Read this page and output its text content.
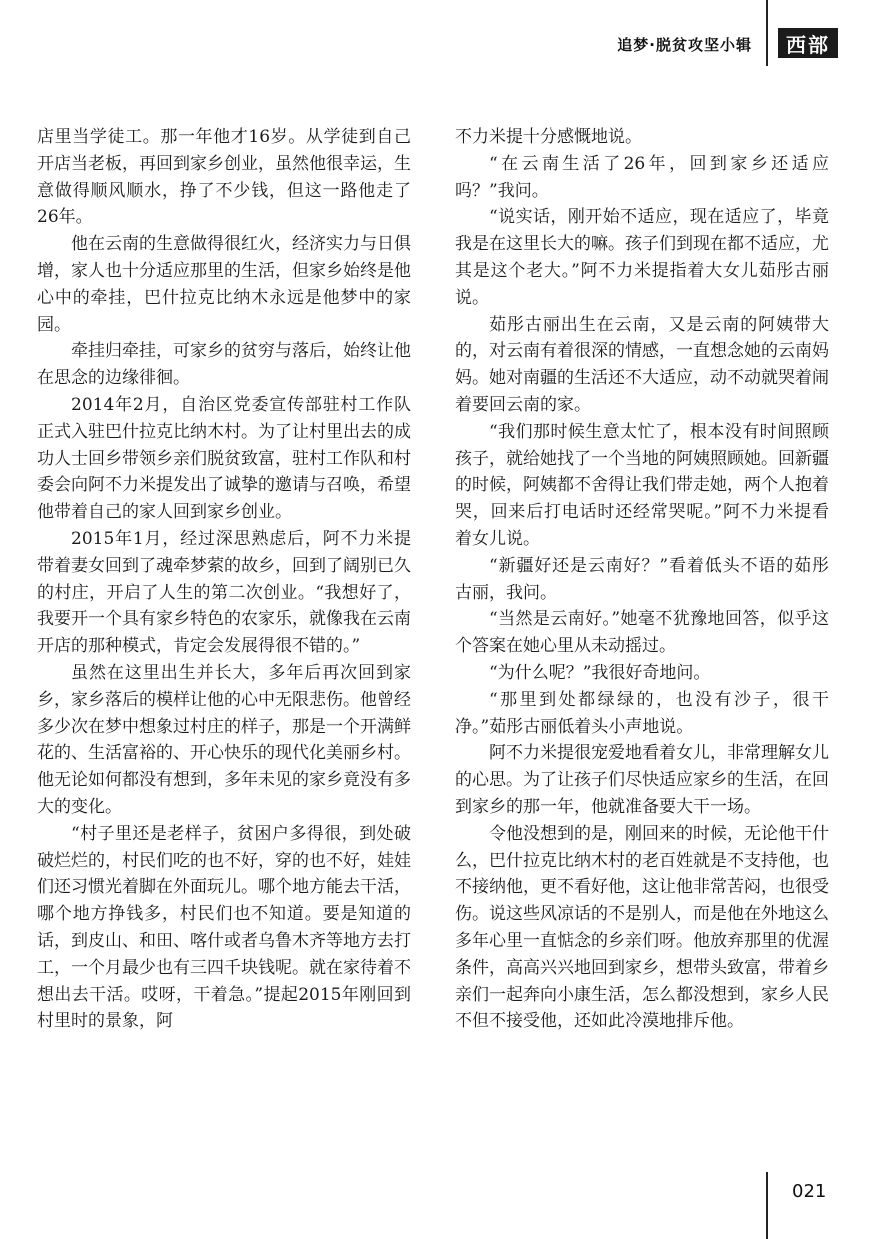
追梦·脱贫攻坚小辑	西部

店里当学徒工。那一年他才16岁。从学徒到自己开店当老板，再回到家乡创业，虽然他很幸运，生意做得顺风顺水，挣了不少钱，但这一路他走了26年。

他在云南的生意做得很红火，经济实力与日俱增，家人也十分适应那里的生活，但家乡始终是他心中的牵挂，巴什拉克比纳木永远是他梦中的家园。

牵挂归牵挂，可家乡的贫穷与落后，始终让他在思念的边缘徘徊。

2014年2月，自治区党委宣传部驻村工作队正式入驻巴什拉克比纳木村。为了让村里出去的成功人士回乡带领乡亲们脱贫致富，驻村工作队和村委会向阿不力米提发出了诚挚的邀请与召唤，希望他带着自己的家人回到家乡创业。

2015年1月，经过深思熟虑后，阿不力米提带着妻女回到了魂牵梦萦的故乡，回到了阔别已久的村庄，开启了人生的第二次创业。“我想好了，我要开一个具有家乡特色的农家乐，就像我在云南开店的那种模式，肯定会发展得很不错的。”

虽然在这里出生并长大，多年后再次回到家乡，家乡落后的模样让他的心中无限悲伤。他曾经多少次在梦中想象过村庄的样子，那是一个开满鲜花的、生活富裕的、开心快乐的现代化美丽乡村。他无论如何都没有想到，多年未见的家乡竟没有多大的变化。

“村子里还是老样子，贫困户多得很，到处破破烂烂的，村民们吃的也不好，穿的也不好，娃娃们还习惯光着脚在外面玩儿。哪个地方能去干活，哪个地方挣钱多，村民们也不知道。要是知道的话，到皮山、和田、喀什或者乌鲁木齐等地方去打工，一个月最少也有三四千块钱呢。就在家待着不想出去干活。哎呀，干着急。”提起2015年刚回到村里时的景象，阿

不力米提十分感慨地说。

“在云南生活了26年，回到家乡还适应吗？”我问。

“说实话，刚开始不适应，现在适应了，毕竟我是在这里长大的嘛。孩子们到现在都不适应，尤其是这个老大。”阿不力米提指着大女儿茹彤古丽说。

茹彤古丽出生在云南，又是云南的阿姨带大的，对云南有着很深的情感，一直想念她的云南妈妈。她对南疆的生活还不大适应，动不动就哭着闹着要回云南的家。

“我们那时候生意太忙了，根本没有时间照顾孩子，就给她找了一个当地的阿姨照顾她。回新疆的时候，阿姨都不舍得让我们带走她，两个人抱着哭，回来后打电话时还经常哭呢。”阿不力米提看着女儿说。

“新疆好还是云南好？”看着低头不语的茹彤古丽，我问。

“当然是云南好。”她毫不犹豫地回答，似乎这个答案在她心里从未动摇过。

“为什么呢？”我很好奇地问。

“那里到处都绿绿的，也没有沙子，很干净。”茹彤古丽低着头小声地说。

阿不力米提很宠爱地看着女儿，非常理解女儿的心思。为了让孩子们尽快适应家乡的生活，在回到家乡的那一年，他就准备要大干一场。

令他没想到的是，刚回来的时候，无论他干什么，巴什拉克比纳木村的老百姓就是不支持他，也不接纳他，更不看好他，这让他非常苦闷，也很受伤。说这些风凉话的不是别人，而是他在外地这么多年心里一直惦念的乡亲们呀。他放弃那里的优渥条件，高高兴兴地回到家乡，想带头致富，带着乡亲们一起奔向小康生活，怎么都没想到，家乡人民不但不接受他，还如此冷漠地排斥他。

021
